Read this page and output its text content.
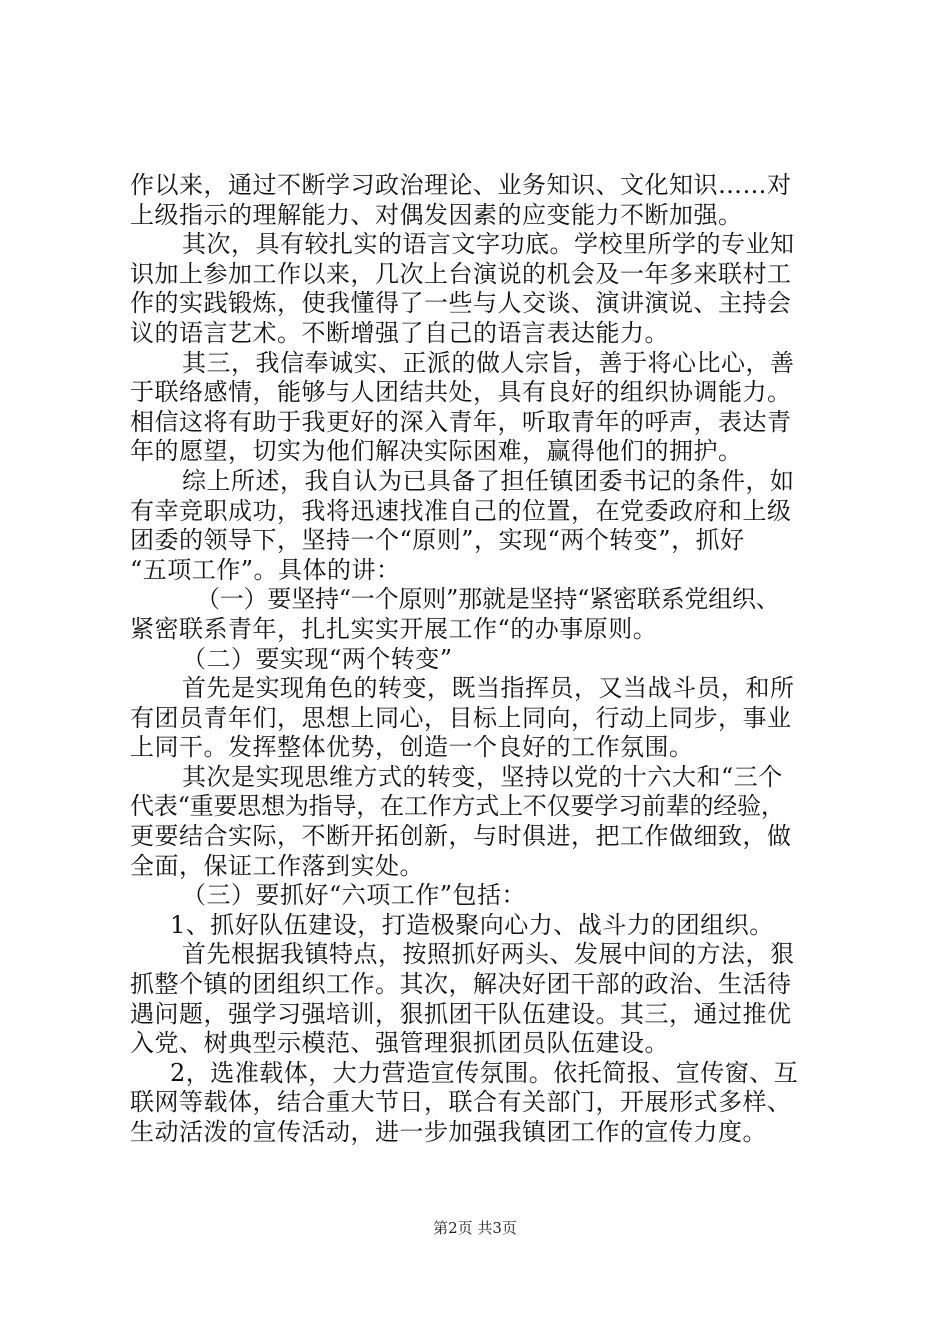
作以来，通过不断学习政治理论、业务知识、文化知识……对
上级指示的理解能力、对偶发因素的应变能力不断加强。
其次，具有较扎实的语言文字功底。学校里所学的专业知
识加上参加工作以来，几次上台演说的机会及一年多来联村工
作的实践锻炼，使我懂得了一些与人交谈、演讲演说、主持会
议的语言艺术。不断增强了自己的语言表达能力。
其三，我信奉诚实、正派的做人宗旨，善于将心比心，善
于联络感情，能够与人团结共处，具有良好的组织协调能力。
相信这将有助于我更好的深入青年，听取青年的呼声，表达青
年的愿望，切实为他们解决实际困难，赢得他们的拥护。
综上所述，我自认为已具备了担任镇团委书记的条件，如
有幸竞职成功，我将迅速找准自己的位置，在党委政府和上级
团委的领导下，坚持一个“原则”，实现“两个转变”，抓好
“五项工作”。具体的讲：
（一）要坚持“一个原则”那就是坚持“紧密联系党组织、
紧密联系青年，扎扎实实开展工作“的办事原则。
（二）要实现“两个转变”
首先是实现角色的转变，既当指挥员，又当战斗员，和所
有团员青年们，思想上同心，目标上同向，行动上同步，事业
上同干。发挥整体优势，创造一个良好的工作氛围。
其次是实现思维方式的转变，坚持以党的十六大和“三个
代表“重要思想为指导，在工作方式上不仅要学习前辈的经验，
更要结合实际，不断开拓创新，与时俱进，把工作做细致，做
全面，保证工作落到实处。
（三）要抓好“六项工作”包括：
1、抓好队伍建设，打造极聚向心力、战斗力的团组织。
首先根据我镇特点，按照抓好两头、发展中间的方法，狠
抓整个镇的团组织工作。其次，解决好团干部的政治、生活待
遇问题，强学习强培训，狠抓团干队伍建设。其三，通过推优
入党、树典型示模范、强管理狠抓团员队伍建设。
2，选准载体，大力营造宣传氛围。依托简报、宣传窗、互
联网等载体，结合重大节日，联合有关部门，开展形式多样、
生动活泼的宣传活动，进一步加强我镇团工作的宣传力度。
第2页 共3页
